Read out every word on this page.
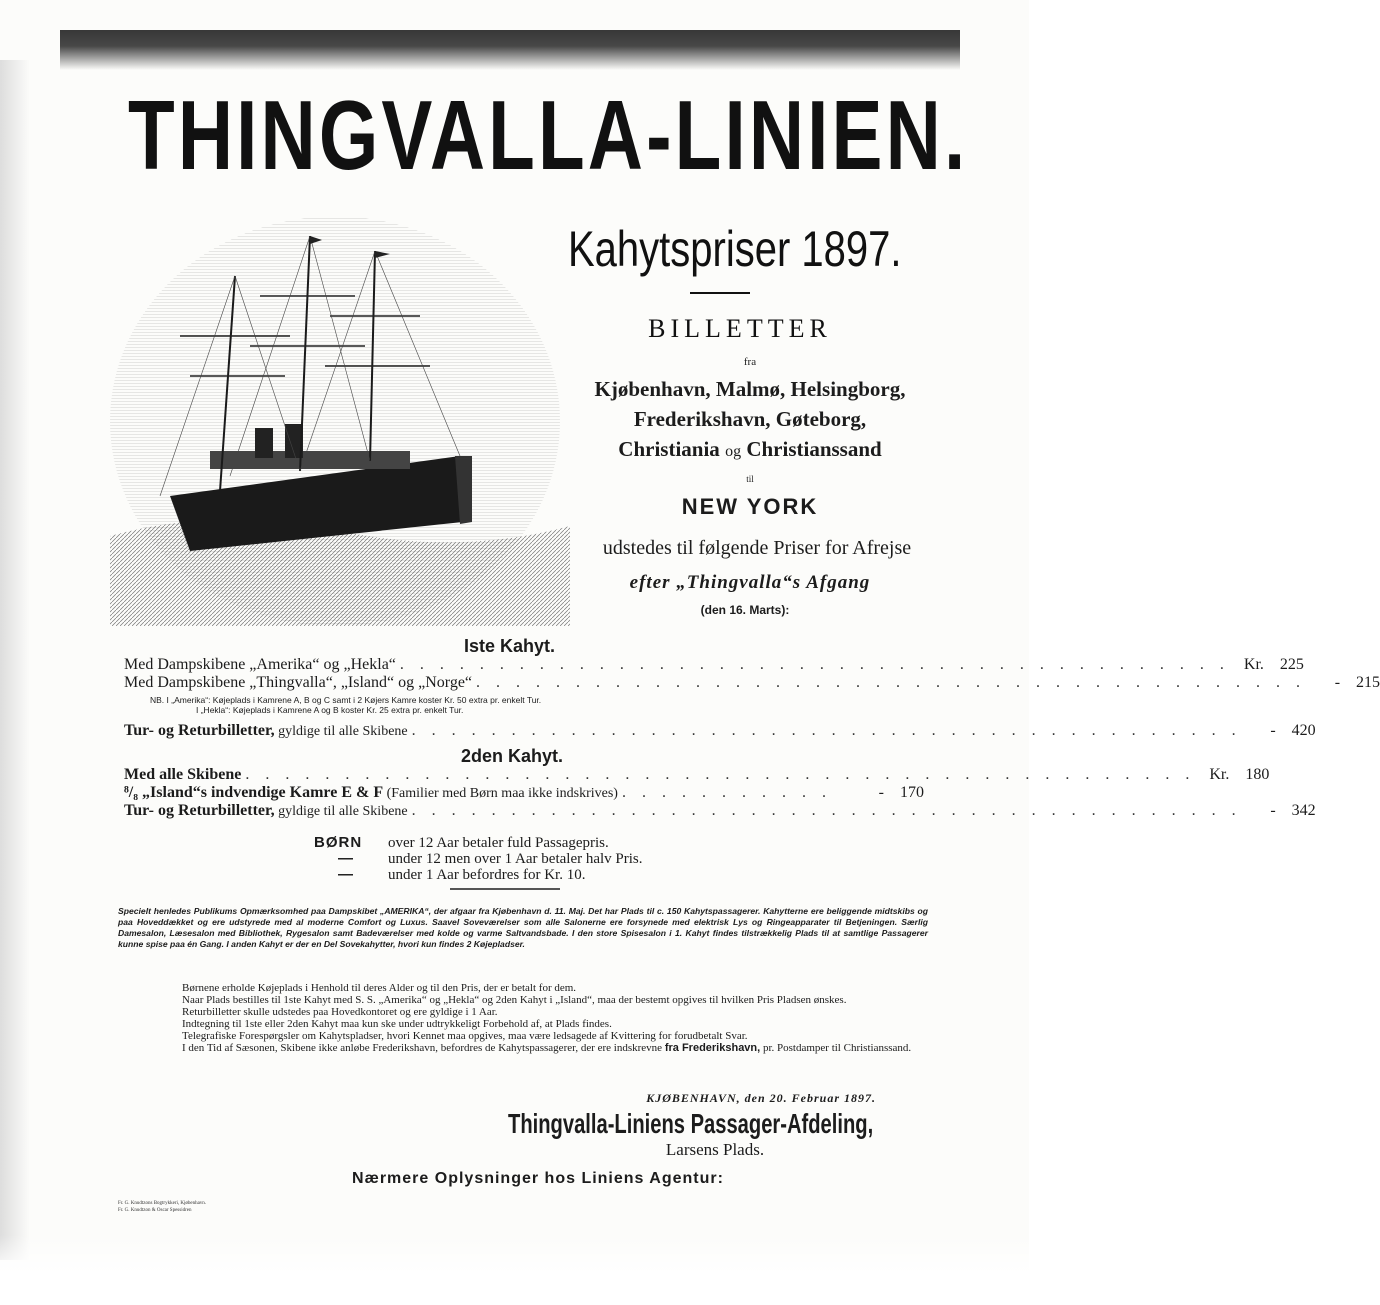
THINGVALLA-LINIEN.
Kahytspriser 1897.
BILLETTER
fra
Kjøbenhavn, Malmø, Helsingborg,
Frederikshavn, Gøteborg,
Christiania og Christianssand
til
NEW YORK
udstedes til følgende Priser for Afrejse
efter „Thingvalla“s Afgang
(den 16. Marts):
Iste Kahyt.
Med Dampskibene „Amerika“ og „Hekla“ . . . . . . . . . . . . . . . . . . . . . . . . . . . . . . . . . . . . . . . . . . Kr.	225
Med Dampskibene „Thingvalla“, „Island“ og „Norge“ . . . . . . . . . . . . . . . . . . . . . . . . . . . . . . . . . . . . . . . . . .	-	215
NB. I „Amerika“: Køjeplads i Kamrene A, B og C samt i 2 Køjers Kamre koster Kr. 50 extra pr. enkelt Tur.
I „Hekla“: Køjeplads i Kamrene A og B koster Kr. 25 extra pr. enkelt Tur.
Tur- og Returbilletter, gyldige til alle Skibene . . . . . . . . . . . . . . . . . . . . . . . . . . . . . . . . . . . . . . . . . .	-	420
2den Kahyt.
Med alle Skibene . . . . . . . . . . . . . . . . . . . . . . . . . . . . . . . . . . . . . . . . . . . . . . . . Kr.	180
⁸/₈ „Island“s indvendige Kamre E & F (Familier med Børn maa ikke indskrives) . . . . . . . . . . .	-	170
Tur- og Returbilletter, gyldige til alle Skibene . . . . . . . . . . . . . . . . . . . . . . . . . . . . . . . . . . . . . . . . . .	-	342
BØRN over 12 Aar betaler fuld Passagepris.
— under 12 men over 1 Aar betaler halv Pris.
— under 1 Aar befordres for Kr. 10.
Specielt henledes Publikums Opmærksomhed paa Dampskibet „AMERIKA“, der afgaar fra Kjøbenhavn d. 11. Maj. Det har Plads til c. 150 Kahytspassagerer. Kahytterne ere beliggende midtskibs og paa Hoveddækket og ere udstyrede med al moderne Comfort og Luxus. Saavel Soveværelser som alle Salonerne ere forsynede med elektrisk Lys og Ringeapparater til Betjeningen. Særlig Damesalon, Læsesalon med Bibliothek, Rygesalon samt Badeværelser med kolde og varme Saltvandsbade. I den store Spisesalon i 1. Kahyt findes tilstrækkelig Plads til at samtlige Passagerer kunne spise paa én Gang. I anden Kahyt er der en Del Sovekahytter, hvori kun findes 2 Køjepladser.

Børnene erholde Køjeplads i Henhold til deres Alder og til den Pris, der er betalt for dem.

Naar Plads bestilles til 1ste Kahyt med S. S. „Amerika“ og „Hekla“ og 2den Kahyt i „Island“, maa der bestemt opgives til hvilken Pris Pladsen ønskes.

Returbilletter skulle udstedes paa Hovedkontoret og ere gyldige i 1 Aar.

Indtegning til 1ste eller 2den Kahyt maa kun ske under udtrykkeligt Forbehold af, at Plads findes.

Telegrafiske Forespørgsler om Kahytspladser, hvori Kennet maa opgives, maa være ledsagede af Kvittering for forudbetalt Svar.

I den Tid af Sæsonen, Skibene ikke anløbe Frederikshavn, befordres de Kahytspassagerer, der ere indskrevne fra Frederikshavn, pr. Postdamper til Christianssand.

KJØBENHAVN, den 20. Februar 1897.
Thingvalla-Liniens Passager-Afdeling,
Larsens Plads.
Nærmere Oplysninger hos Liniens Agentur:
Fr. G. Knudtzons Bogtrykkeri, Kjøbenhavn.
Fr. G. Knudtzon & Oscar Spessidren
